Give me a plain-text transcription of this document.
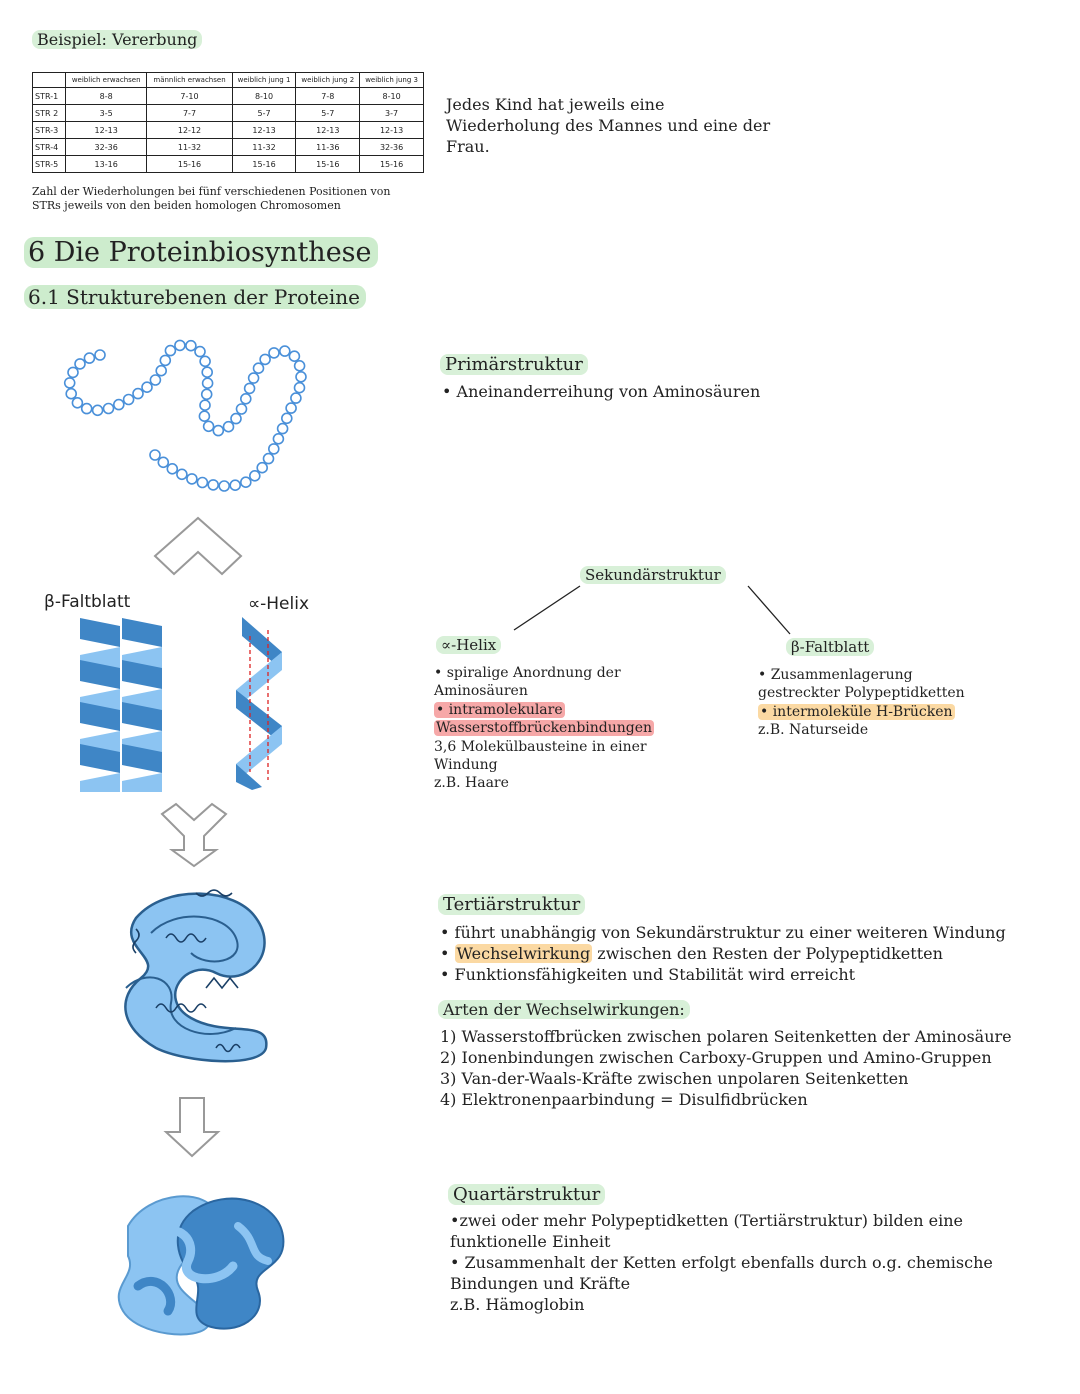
Beispiel: Vererbung
	weiblich erwachsen	männlich erwachsen	weiblich jung 1	weiblich jung 2	weiblich jung 3
STR-1	8-8	7-10	8-10	7-8	8-10
STR 2	3-5	7-7	5-7	5-7	3-7
STR-3	12-13	12-12	12-13	12-13	12-13
STR-4	32-36	11-32	11-32	11-36	32-36
STR-5	13-16	15-16	15-16	15-16	15-16
Zahl der Wiederholungen bei fünf verschiedenen Positionen von
STRs jeweils von den beiden homologen Chromosomen
Jedes Kind hat jeweils eine
Wiederholung des Mannes und eine der
Frau.
6 Die Proteinbiosynthese
6.1 Strukturebenen der Proteine
Primärstruktur
• Aneinanderreihung von Aminosäuren
β-Faltblatt	∝-Helix
Sekundärstruktur
∝-Helix
• spiralige Anordnung der
Aminosäuren
• intramolekulare
Wasserstoffbrückenbindungen
3,6 Molekülbausteine in einer
Windung
z.B. Haare
β-Faltblatt
• Zusammenlagerung
gestreckter Polypeptidketten
• intermoleküle H-Brücken
z.B. Naturseide
Tertiärstruktur
• führt unabhängig von Sekundärstruktur zu einer weiteren Windung
• Wechselwirkung zwischen den Resten der Polypeptidketten
• Funktionsfähigkeiten und Stabilität wird erreicht
Arten der Wechselwirkungen:
1) Wasserstoffbrücken zwischen polaren Seitenketten der Aminosäure
2) Ionenbindungen zwischen Carboxy-Gruppen und Amino-Gruppen
3) Van-der-Waals-Kräfte zwischen unpolaren Seitenketten
4) Elektronenpaarbindung = Disulfidbrücken
Quartärstruktur
•zwei oder mehr Polypeptidketten (Tertiärstruktur) bilden eine
funktionelle Einheit
• Zusammenhalt der Ketten erfolgt ebenfalls durch o.g. chemische
Bindungen und Kräfte
z.B. Hämoglobin
